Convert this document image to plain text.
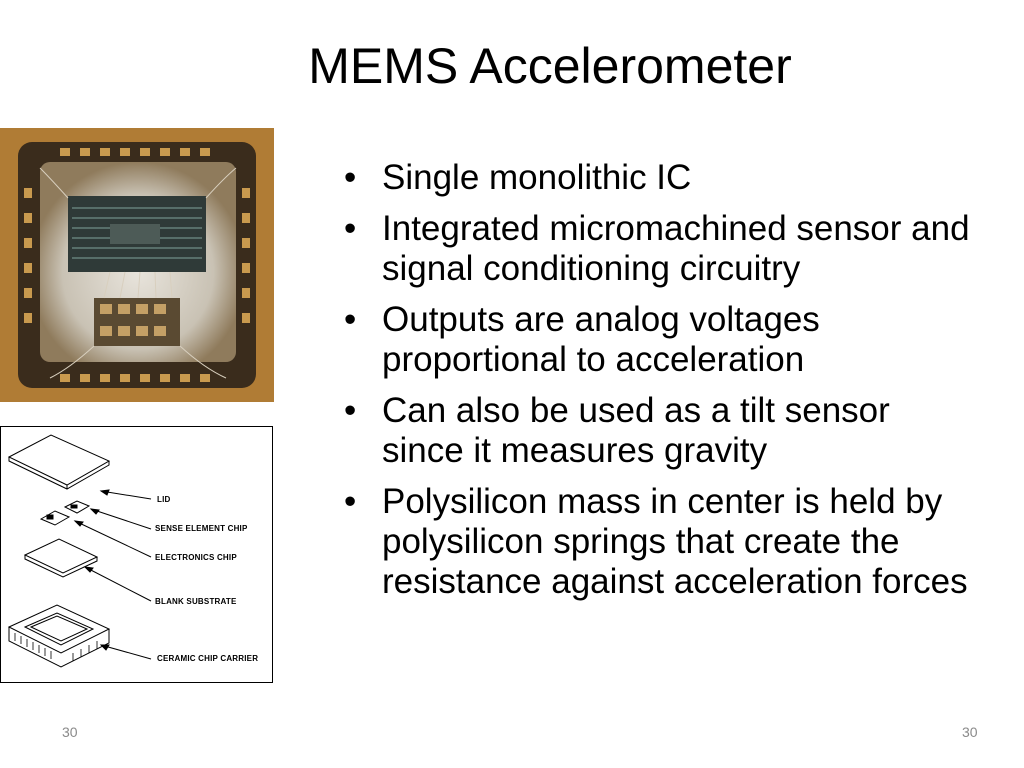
MEMS Accelerometer
LID
SENSE ELEMENT CHIP
ELECTRONICS CHIP
BLANK SUBSTRATE
CERAMIC CHIP CARRIER
• Single monolithic IC
• Integrated micromachined sensor and signal conditioning circuitry
• Outputs are analog voltages proportional to acceleration
• Can also be used as a tilt sensor since it measures gravity
• Polysilicon mass in center is held by polysilicon springs that create the resistance against acceleration forces
30	30
